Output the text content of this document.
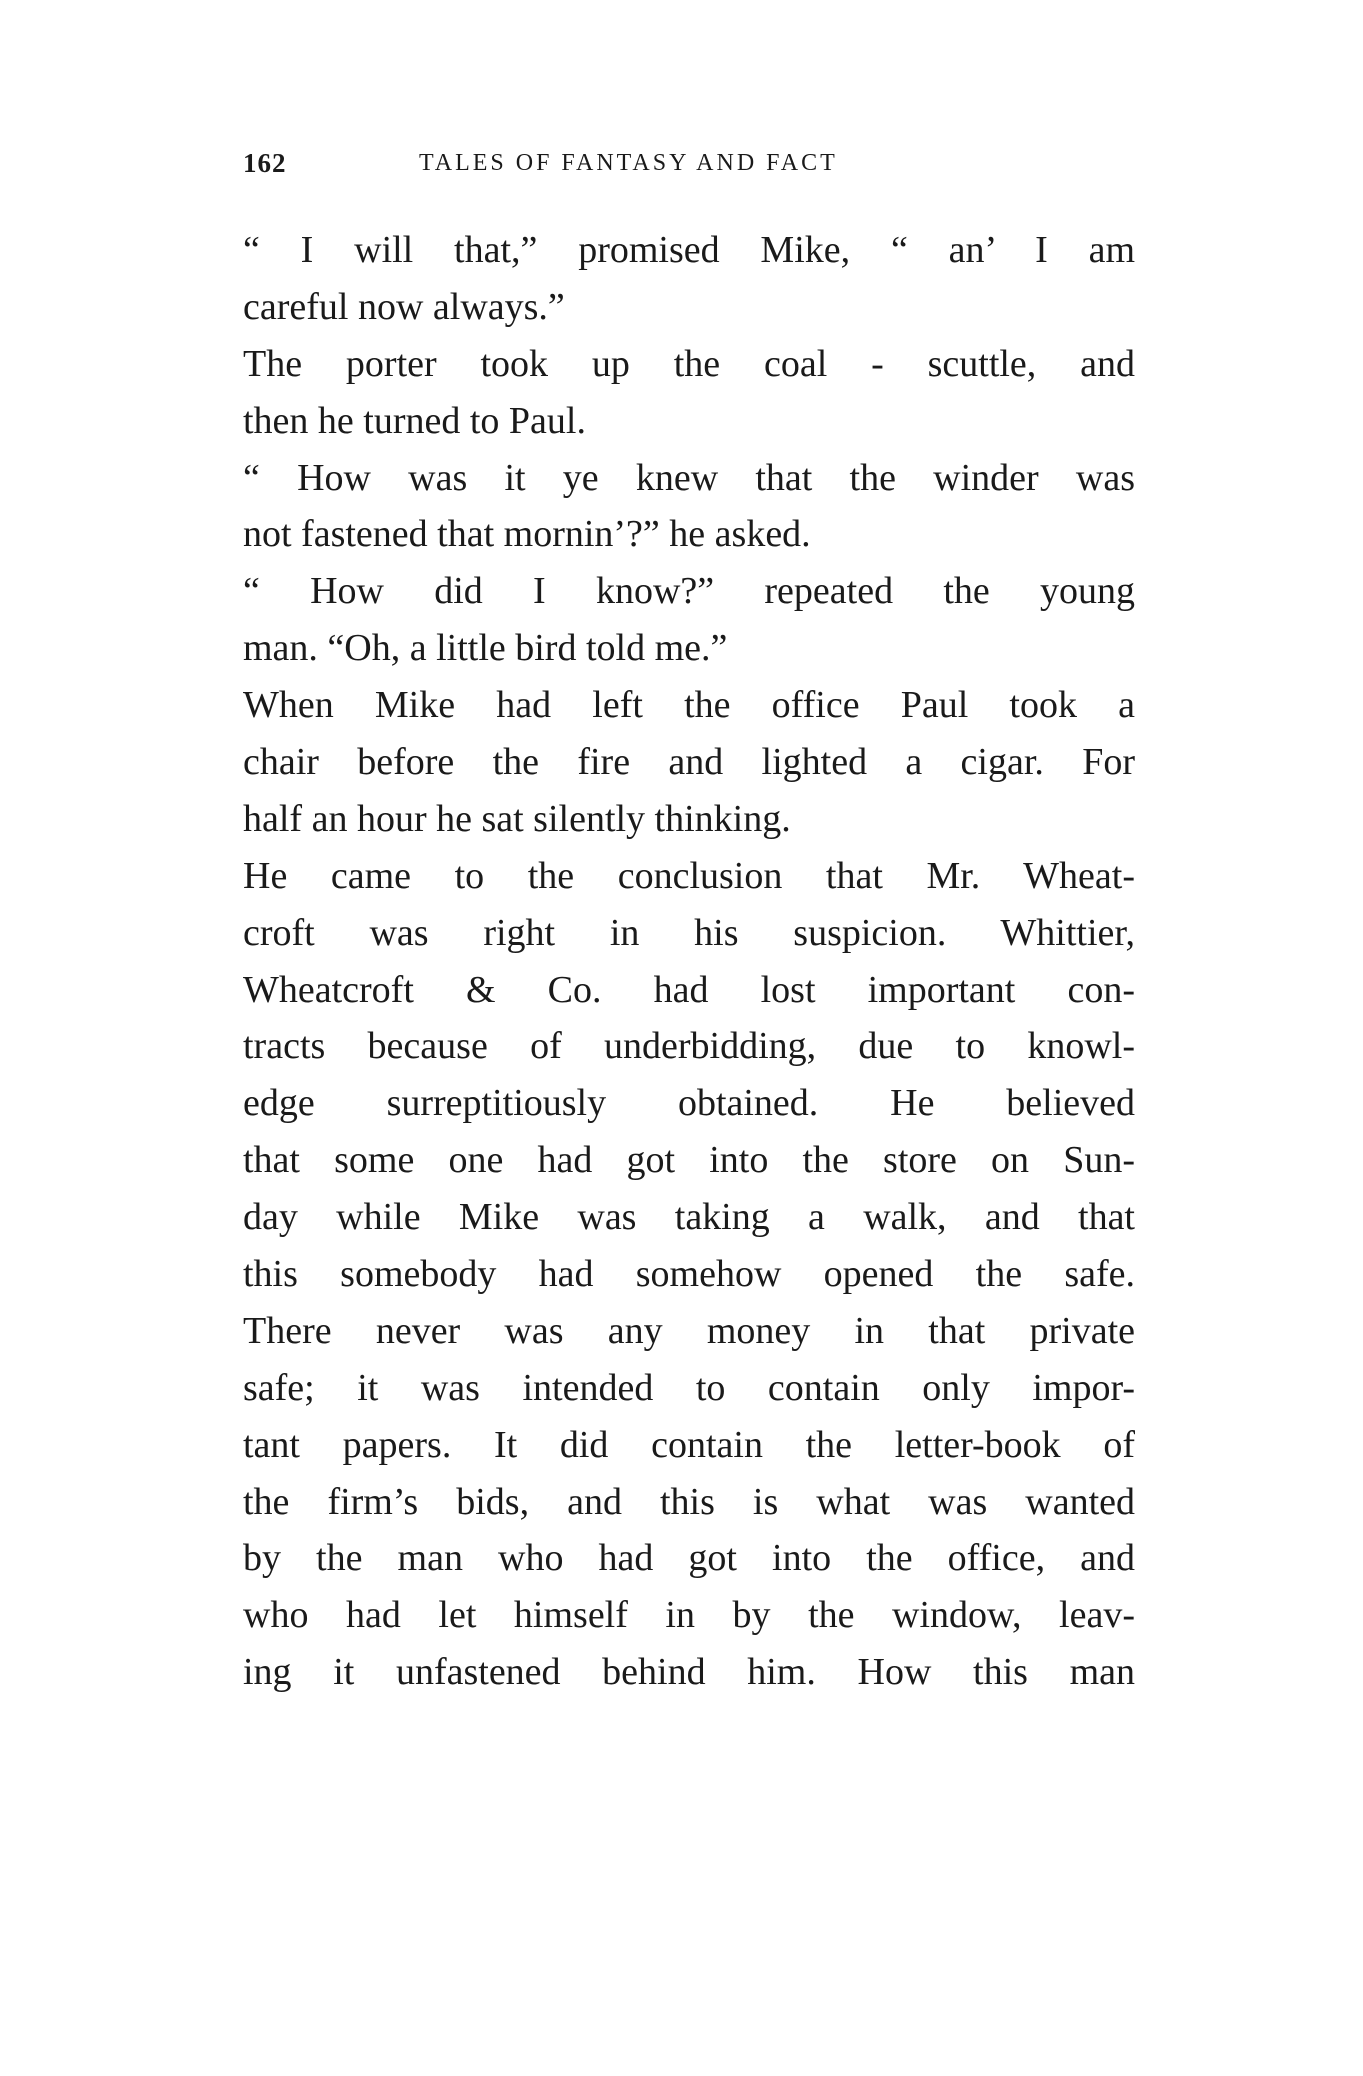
162	TALES OF FANTASY AND FACT
“ I will that,” promised Mike, “ an’ I am
careful now always.”
The porter took up the coal - scuttle, and
then he turned to Paul.
“ How was it ye knew that the winder was
not fastened that mornin’?” he asked.
“ How did I know?” repeated the young
man. “Oh, a little bird told me.”
When Mike had left the office Paul took a
chair before the fire and lighted a cigar. For
half an hour he sat silently thinking.
He came to the conclusion that Mr. Wheat-
croft was right in his suspicion. Whittier,
Wheatcroft & Co. had lost important con-
tracts because of underbidding, due to knowl-
edge surreptitiously obtained. He believed
that some one had got into the store on Sun-
day while Mike was taking a walk, and that
this somebody had somehow opened the safe.
There never was any money in that private
safe; it was intended to contain only impor-
tant papers. It did contain the letter-book of
the firm’s bids, and this is what was wanted
by the man who had got into the office, and
who had let himself in by the window, leav-
ing it unfastened behind him. How this man
